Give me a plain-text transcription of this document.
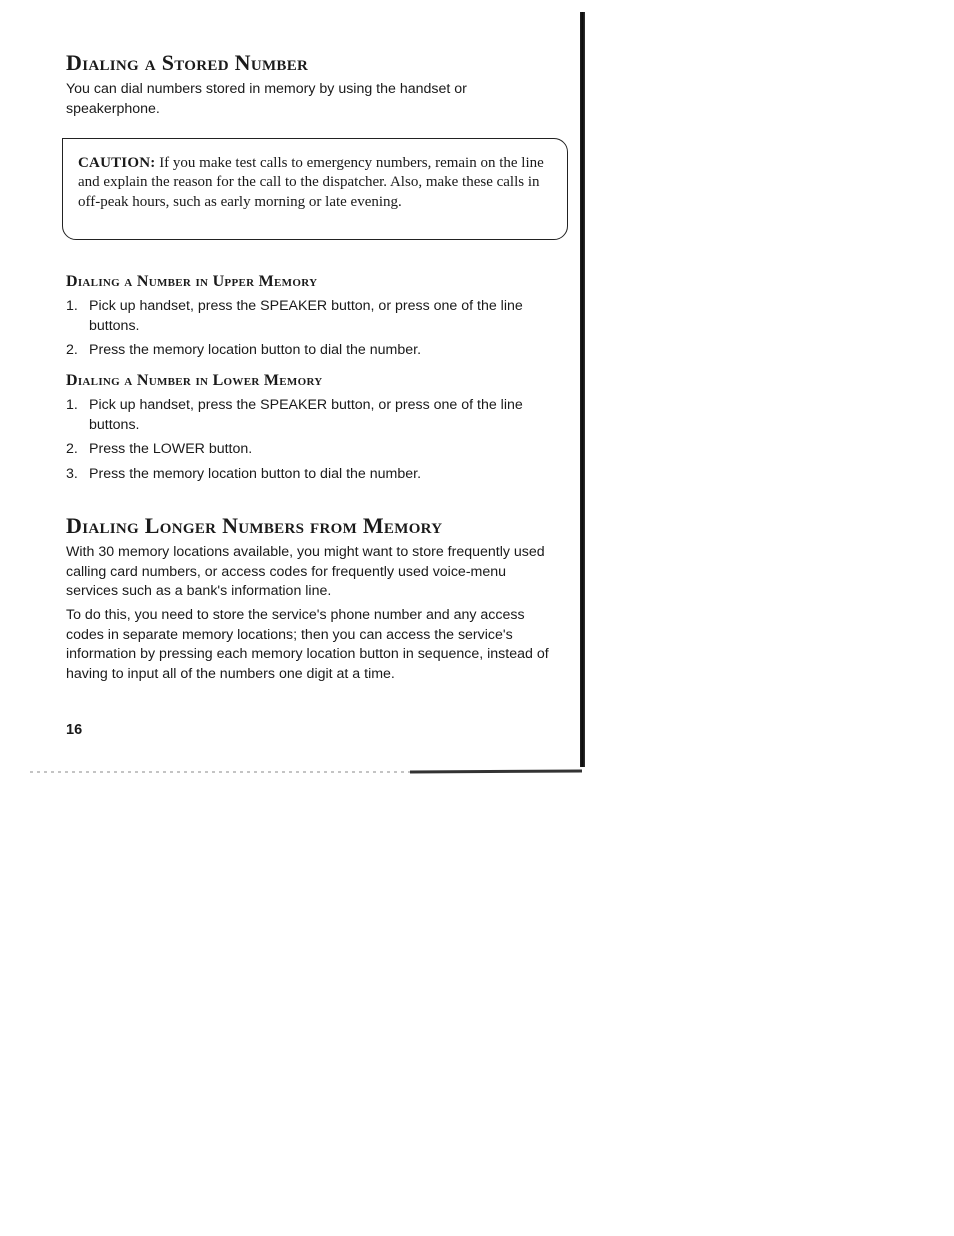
Dialing a Stored Number

You can dial numbers stored in memory by using the handset or speakerphone.

CAUTION: If you make test calls to emergency numbers, remain on the line and explain the reason for the call to the dispatcher. Also, make these calls in off-peak hours, such as early morning or late evening.

Dialing a Number in Upper Memory
1. Pick up handset, press the SPEAKER button, or press one of the line buttons.
2. Press the memory location button to dial the number.
Dialing a Number in Lower Memory
1. Pick up handset, press the SPEAKER button, or press one of the line buttons.
2. Press the LOWER button.
3. Press the memory location button to dial the number.
Dialing Longer Numbers from Memory

With 30 memory locations available, you might want to store frequently used calling card numbers, or access codes for frequently used voice-menu services such as a bank's information line.

To do this, you need to store the service's phone number and any access codes in separate memory locations; then you can access the service's information by pressing each memory location button in sequence, instead of having to input all of the numbers one digit at a time.

16
